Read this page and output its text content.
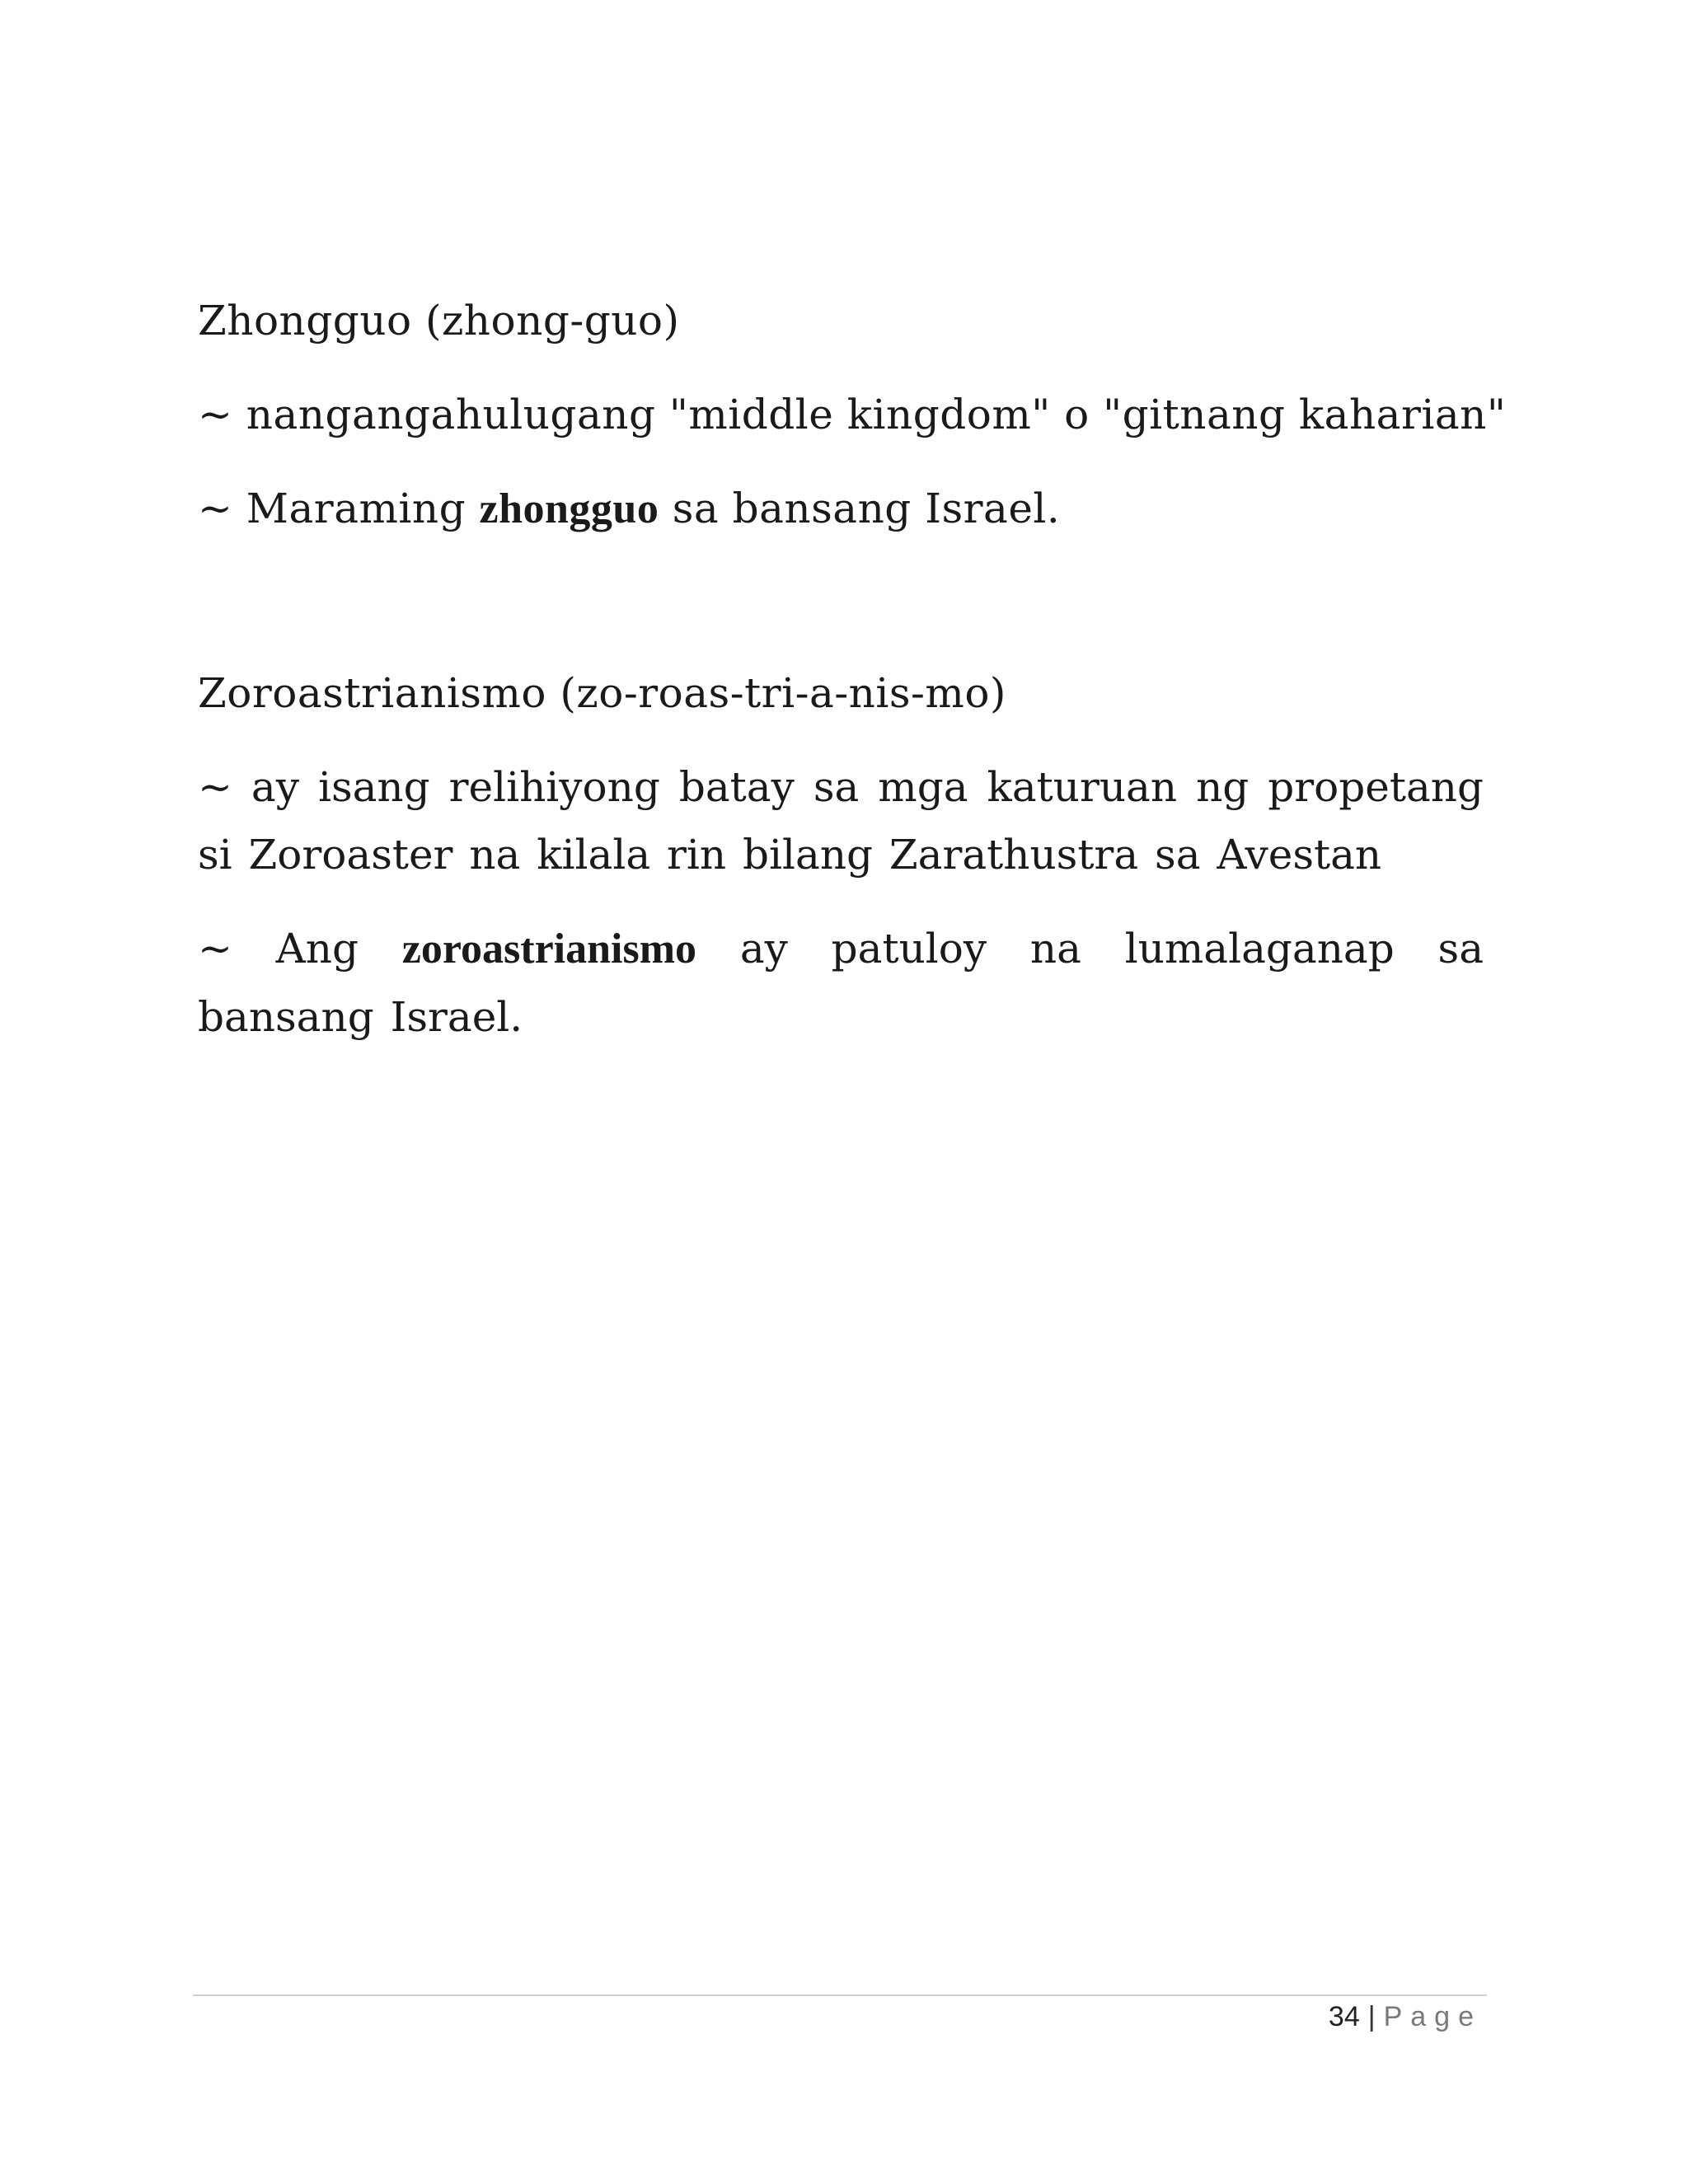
Zhongguo (zhong-guo)

~ nangangahulugang "middle kingdom" o "gitnang kaharian"

~ Maraming zhongguo sa bansang Israel.

Zoroastrianismo (zo-roas-tri-a-nis-mo)

~ ay isang relihiyong batay sa mga katuruan ng propetang si Zoroaster na kilala rin bilang Zarathustra sa Avestan

~ Ang zoroastrianismo ay patuloy na lumalaganap sa bansang Israel.

34 | Page
